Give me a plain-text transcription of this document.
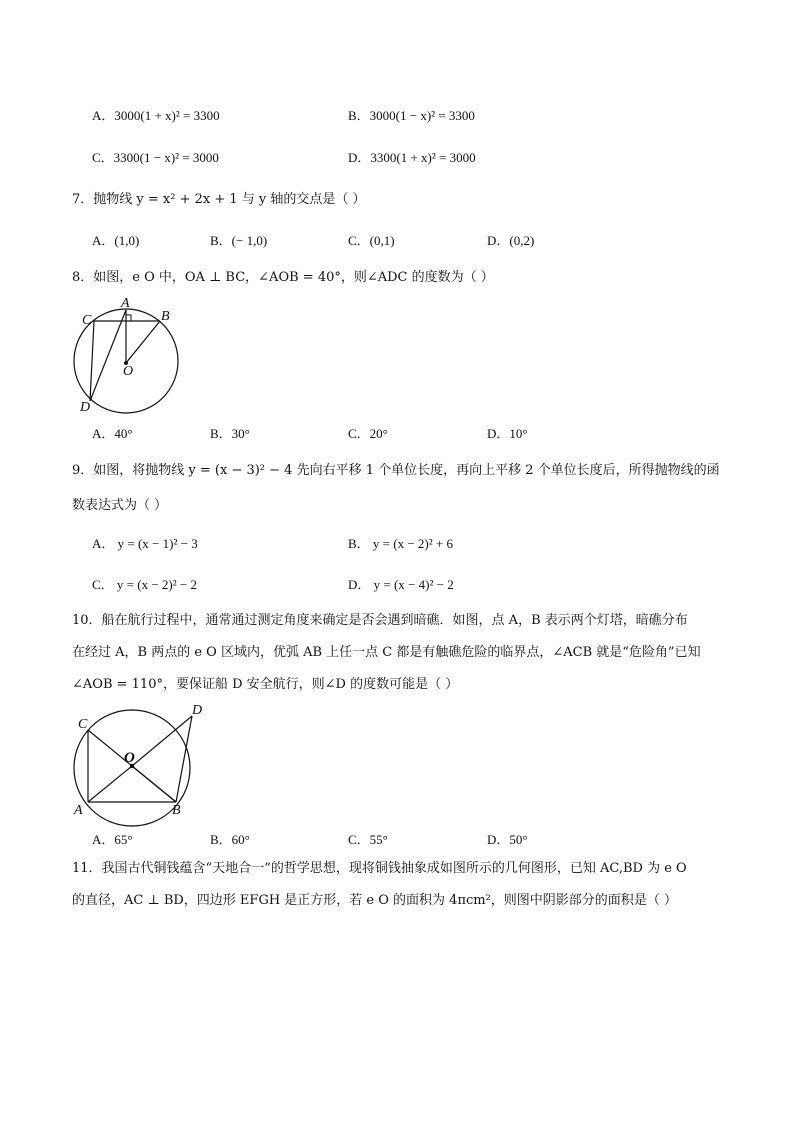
A．3000(1 + x)² = 3300	B．3000(1 − x)² = 3300
C．3300(1 − x)² = 3000	D．3300(1 + x)² = 3000
7．抛物线 y = x² + 2x + 1 与 y 轴的交点是（ ）
A．(1,0)	B．(− 1,0)	C．(0,1)	D．(0,2)
8．如图，e O 中，OA ⊥ BC，∠AOB = 40°，则∠ADC 的度数为（ ）
A
B
C
O
D
A．40°	B．30°	C．20°	D．10°
9．如图，将抛物线 y = (x − 3)² − 4 先向右平移 1 个单位长度，再向上平移 2 个单位长度后，所得抛物线的函
数表达式为（ ）
A． y = (x − 1)² − 3	B． y = (x − 2)² + 6
C． y = (x − 2)² − 2	D． y = (x − 4)² − 2
10．船在航行过程中，通常通过测定角度来确定是否会遇到暗礁．如图，点 A，B 表示两个灯塔，暗礁分布
在经过 A，B 两点的 e O 区域内，优弧 AB 上任一点 C 都是有触礁危险的临界点，∠ACB 就是“危险角”已知
∠AOB = 110°，要保证船 D 安全航行，则∠D 的度数可能是（ ）
C
O
D
A	B
A．65°	B．60°	C．55°	D．50°
11．我国古代铜钱蕴含“天地合一”的哲学思想，现将铜钱抽象成如图所示的几何图形，已知 AC,BD 为 e O
的直径，AC ⊥ BD，四边形 EFGH 是正方形，若 e O 的面积为 4πcm²，则图中阴影部分的面积是（ ）
